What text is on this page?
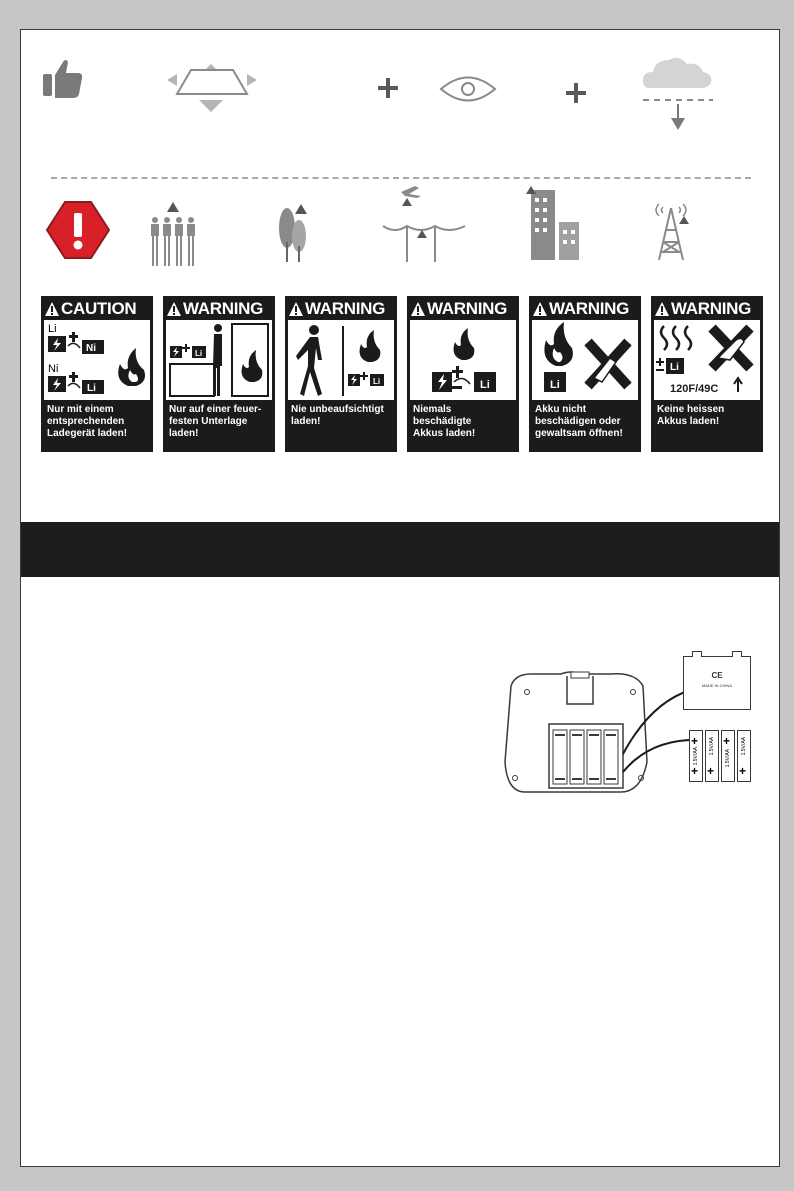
CAUTION
Li
Ni
Ni
Li
Nur mit einem
entsprechenden
Ladegerät laden!
WARNING
Li
Nur auf einer feuer-
festen Unterlage
laden!
WARNING
Li
Nie unbeaufsichtigt
laden!
WARNING
Li
Niemals
beschädigte
Akkus laden!
WARNING
Li
Akku nicht
beschädigen oder
gewaltsam öffnen!
WARNING
Li
120F/49C
Keine heissen
Akkus laden!
CE
MADE IN CHINA
+
1.5V/AA
+
1.5V/AA
+
+
1.5V/AA
1.5V/AA
+
